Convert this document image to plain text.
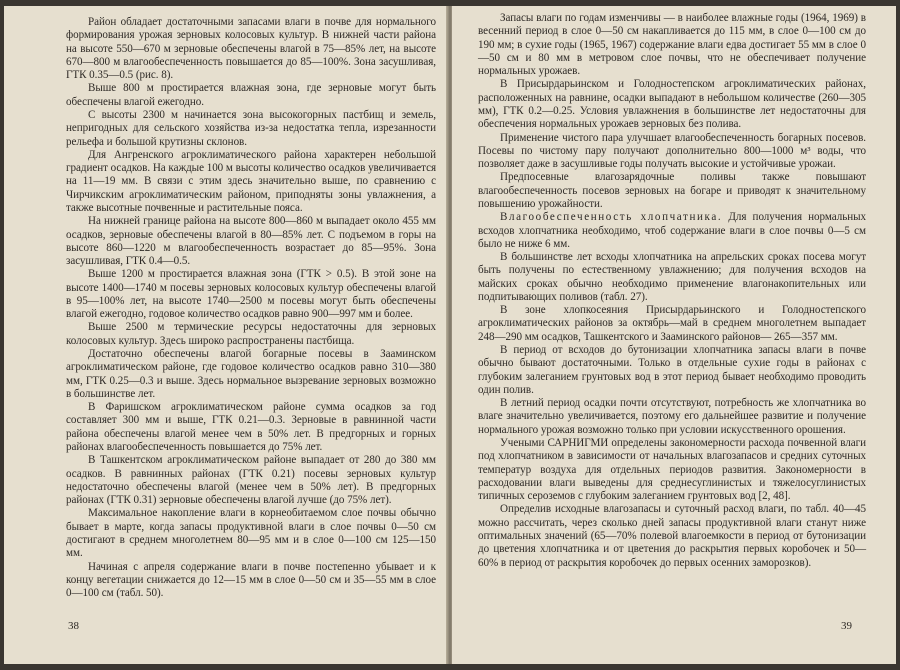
Район обладает достаточными запасами влаги в почве для нормального формирования урожая зерновых колосовых культур. В нижней части района на высоте 550—670 м зерновые обеспечены влагой в 75—85% лет, на высоте 670—800 м влагообеспеченность повышается до 85—100%. Зона засушливая, ГТК 0.35—0.5 (рис. 8).

Выше 800 м простирается влажная зона, где зерновые могут быть обеспечены влагой ежегодно.

С высоты 2300 м начинается зона высокогорных пастбищ и земель, непригодных для сельского хозяйства из-за недостатка тепла, изрезанности рельефа и большой крутизны склонов.

Для Ангренского агроклиматического района характерен небольшой градиент осадков. На каждые 100 м высоты количество осадков увеличивается на 11—19 мм. В связи с этим здесь значительно выше, по сравнению с Чирчикским агроклиматическим районом, приподняты зоны увлажнения, а также высотные почвенные и растительные пояса.

На нижней границе района на высоте 800—860 м выпадает около 455 мм осадков, зерновые обеспечены влагой в 80—85% лет. С подъемом в горы на высоте 860—1220 м влагообеспеченность возрастает до 85—95%. Зона засушливая, ГТК 0.4—0.5.

Выше 1200 м простирается влажная зона (ГТК > 0.5). В этой зоне на высоте 1400—1740 м посевы зерновых колосовых культур обеспечены влагой в 95—100% лет, на высоте 1740—2500 м посевы могут быть обеспечены влагой ежегодно, годовое количество осадков равно 900—997 мм и более.

Выше 2500 м термические ресурсы недостаточны для зерновых колосовых культур. Здесь широко распространены пастбища.

Достаточно обеспечены влагой богарные посевы в Зааминском агроклиматическом районе, где годовое количество осадков равно 310—380 мм, ГТК 0.25—0.3 и выше. Здесь нормальное вызревание зерновых возможно в большинстве лет.

В Фаришском агроклиматическом районе сумма осадков за год составляет 300 мм и выше, ГТК 0.21—0.3. Зерновые в равнинной части района обеспечены влагой менее чем в 50% лет. В предгорных и горных районах влагообеспеченность повышается до 75% лет.

В Ташкентском агроклиматическом районе выпадает от 280 до 380 мм осадков. В равнинных районах (ГТК 0.21) посевы зерновых культур недостаточно обеспечены влагой (менее чем в 50% лет). В предгорных районах (ГТК 0.31) зерновые обеспечены влагой лучше (до 75% лет).

Максимальное накопление влаги в корнеобитаемом слое почвы обычно бывает в марте, когда запасы продуктивной влаги в слое почвы 0—50 см достигают в среднем многолетнем 80—95 мм и в слое 0—100 см 125—150 мм.

Начиная с апреля содержание влаги в почве постепенно убывает и к концу вегетации снижается до 12—15 мм в слое 0—50 см и 35—55 мм в слое 0—100 см (табл. 50).

38

Запасы влаги по годам изменчивы — в наиболее влажные годы (1964, 1969) в весенний период в слое 0—50 см накапливается до 115 мм, в слое 0—100 см до 190 мм; в сухие годы (1965, 1967) содержание влаги едва достигает 55 мм в слое 0—50 см и 80 мм в метровом слое почвы, что не обеспечивает получение нормальных урожаев.

В Присырдарьинском и Голодностепском агроклиматических районах, расположенных на равнине, осадки выпадают в небольшом количестве (260—305 мм), ГТК 0.2—0.25. Условия увлажнения в большинстве лет недостаточны для обеспечения нормальных урожаев зерновых без полива.

Применение чистого пара улучшает влагообеспеченность богарных посевов. Посевы по чистому пару получают дополнительно 800—1000 м³ воды, что позволяет даже в засушливые годы получать высокие и устойчивые урожаи.

Предпосевные влагозарядочные поливы также повышают влагообеспеченность посевов зерновых на богаре и приводят к значительному повышению урожайности.

Влагообеспеченность хлопчатника. Для получения нормальных всходов хлопчатника необходимо, чтоб содержание влаги в слое почвы 0—5 см было не ниже 6 мм.

В большинстве лет всходы хлопчатника на апрельских сроках посева могут быть получены по естественному увлажнению; для получения всходов на майских сроках обычно необходимо применение влагонакопительных или подпитывающих поливов (табл. 27).

В зоне хлопкосеяния Присырдарьинского и Голодностепского агроклиматических районов за октябрь—май в среднем многолетнем выпадает 248—290 мм осадков, Ташкентского и Зааминского районов— 265—357 мм.

В период от всходов до бутонизации хлопчатника запасы влаги в почве обычно бывают достаточными. Только в отдельные сухие годы в районах с глубоким залеганием грунтовых вод в этот период бывает необходимо проводить один полив.

В летний период осадки почти отсутствуют, потребность же хлопчатника во влаге значительно увеличивается, поэтому его дальнейшее развитие и получение нормального урожая возможно только при условии искусственного орошения.

Учеными САРНИГМИ определены закономерности расхода почвенной влаги под хлопчатником в зависимости от начальных влагозапасов и средних суточных температур воздуха для отдельных периодов развития. Закономерности в расходовании влаги выведены для среднесуглинистых и тяжелосуглинистых типичных сероземов с глубоким залеганием грунтовых вод [2, 48].

Определив исходные влагозапасы и суточный расход влаги, по табл. 40—45 можно рассчитать, через сколько дней запасы продуктивной влаги станут ниже оптимальных значений (65—70% полевой влагоемкости в период от бутонизации до цветения хлопчатника и от цветения до раскрытия первых коробочек и 50—60% в период от раскрытия коробочек до первых осенних заморозков).

39
